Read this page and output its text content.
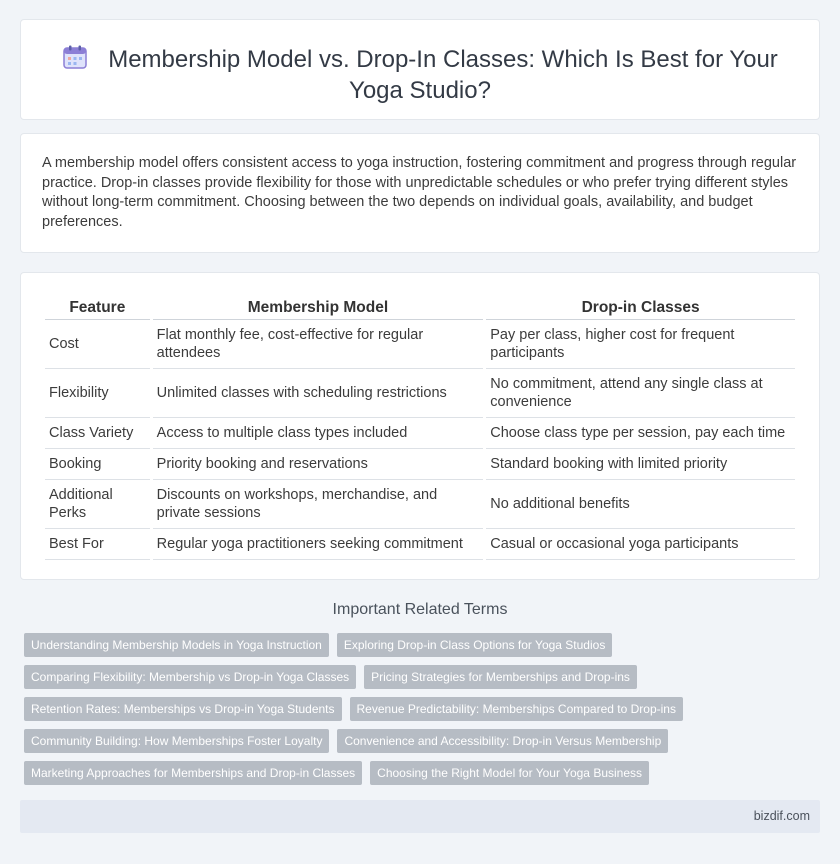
Membership Model vs. Drop-In Classes: Which Is Best for Your Yoga Studio?

A membership model offers consistent access to yoga instruction, fostering commitment and progress through regular practice. Drop-in classes provide flexibility for those with unpredictable schedules or who prefer trying different styles without long-term commitment. Choosing between the two depends on individual goals, availability, and budget preferences.

Feature	Membership Model	Drop-in Classes
Cost	Flat monthly fee, cost-effective for regular attendees	Pay per class, higher cost for frequent participants
Flexibility	Unlimited classes with scheduling restrictions	No commitment, attend any single class at convenience
Class Variety	Access to multiple class types included	Choose class type per session, pay each time
Booking	Priority booking and reservations	Standard booking with limited priority
Additional Perks	Discounts on workshops, merchandise, and private sessions	No additional benefits
Best For	Regular yoga practitioners seeking commitment	Casual or occasional yoga participants
Important Related Terms
Understanding Membership Models in Yoga Instruction Exploring Drop-in Class Options for Yoga Studios
Comparing Flexibility: Membership vs Drop-in Yoga Classes Pricing Strategies for Memberships and Drop-ins
Retention Rates: Memberships vs Drop-in Yoga Students Revenue Predictability: Memberships Compared to Drop-ins
Community Building: How Memberships Foster Loyalty Convenience and Accessibility: Drop-in Versus Membership
Marketing Approaches for Memberships and Drop-in Classes Choosing the Right Model for Your Yoga Business
bizdif.com
